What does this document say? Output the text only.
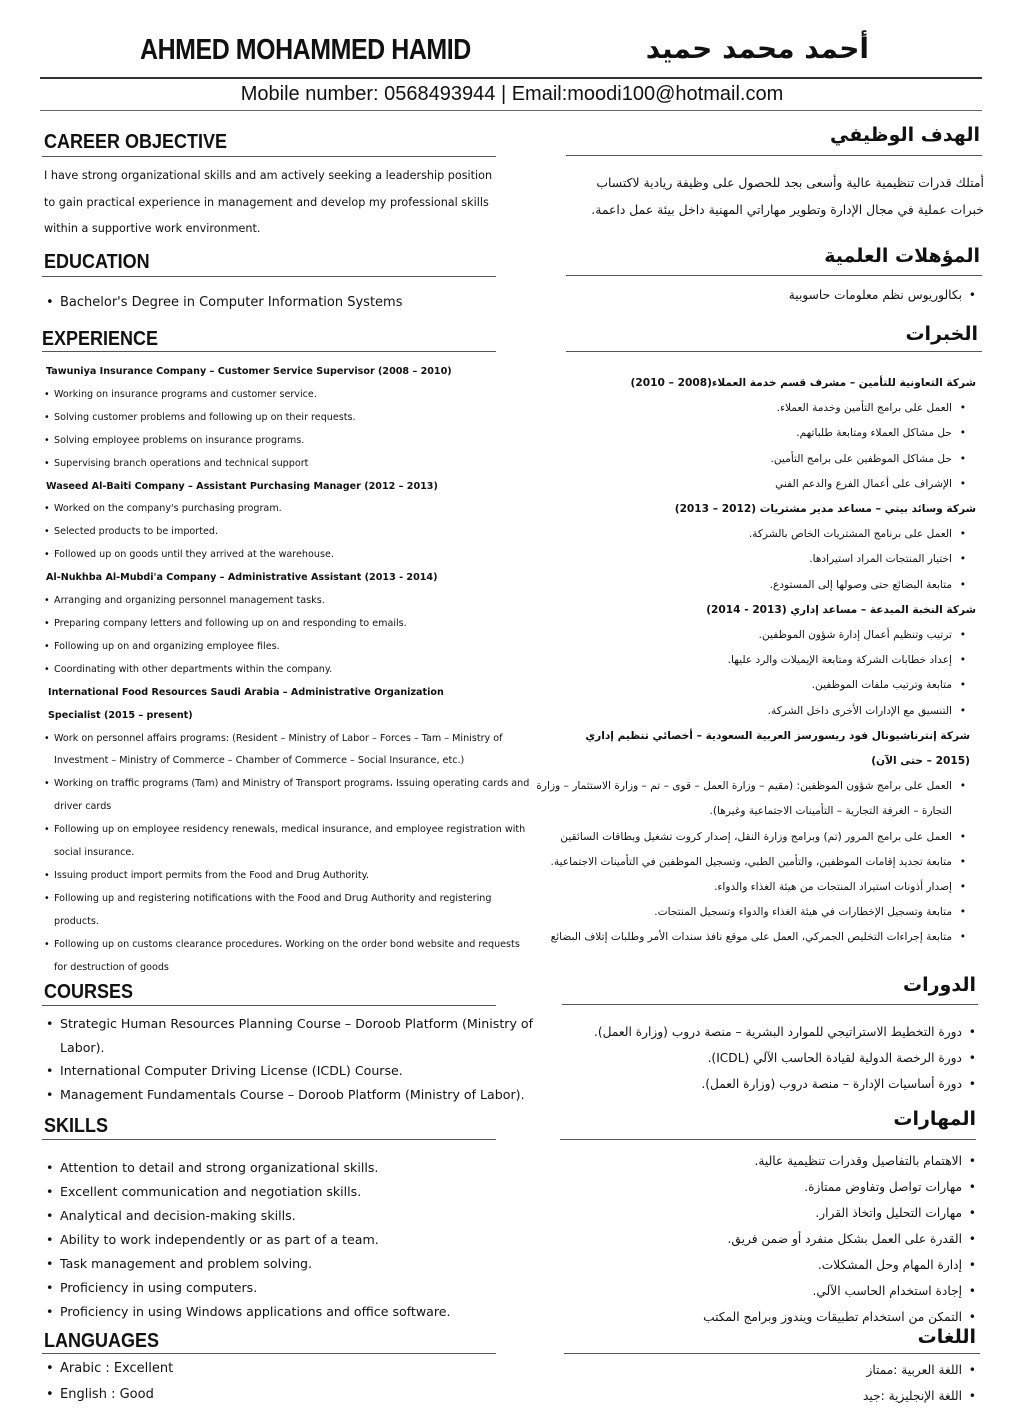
AHMED MOHAMMED HAMID	أحمد محمد حميد
Mobile number: 0568493944 | Email:moodi100@hotmail.com
CAREER OBJECTIVE
I have strong organizational skills and am actively seeking a leadership position
to gain practical experience in management and develop my professional skills
within a supportive work environment.
EDUCATION
• Bachelor's Degree in Computer Information Systems
EXPERIENCE
Tawuniya Insurance Company – Customer Service Supervisor (2008 – 2010)
• Working on insurance programs and customer service.
• Solving customer problems and following up on their requests.
• Solving employee problems on insurance programs.
• Supervising branch operations and technical support
Waseed Al-Baiti Company – Assistant Purchasing Manager (2012 – 2013)
• Worked on the company's purchasing program.
• Selected products to be imported.
• Followed up on goods until they arrived at the warehouse.
Al-Nukhba Al-Mubdi'a Company – Administrative Assistant (2013 - 2014)
• Arranging and organizing personnel management tasks.
• Preparing company letters and following up on and responding to emails.
• Following up on and organizing employee files.
• Coordinating with other departments within the company.
International Food Resources Saudi Arabia – Administrative Organization
Specialist (2015 – present)
• Work on personnel affairs programs: (Resident – Ministry of Labor – Forces – Tam – Ministry of Investment – Ministry of Commerce – Chamber of Commerce – Social Insurance, etc.)
• Working on traffic programs (Tam) and Ministry of Transport programs، Issuing operating cards and driver cards
• Following up on employee residency renewals, medical insurance, and employee registration with social insurance.
• Issuing product import permits from the Food and Drug Authority.
• Following up and registering notifications with the Food and Drug Authority and registering products.
• Following up on customs clearance procedures، Working on the order bond website and requests for destruction of goods
COURSES
• Strategic Human Resources Planning Course – Doroob Platform (Ministry of Labor).
• International Computer Driving License (ICDL) Course.
• Management Fundamentals Course – Doroob Platform (Ministry of Labor).
SKILLS
• Attention to detail and strong organizational skills.
• Excellent communication and negotiation skills.
• Analytical and decision-making skills.
• Ability to work independently or as part of a team.
• Task management and problem solving.
• Proficiency in using computers.
• Proficiency in using Windows applications and office software.
LANGUAGES
• Arabic : Excellent
• English : Good
الهدف الوظيفي
أمتلك قدرات تنظيمية عالية وأسعى بجد للحصول على وظيفة ريادية لاكتساب
خبرات عملية في مجال الإدارة وتطوير مهاراتي المهنية داخل بيئة عمل داعمة.
المؤهلات العلمية
• بكالوريوس نظم معلومات حاسوبية
الخبرات
شركة التعاونية للتأمين – مشرف قسم خدمة العملاء(2008 – 2010)
• العمل على برامج التأمين وخدمة العملاء.
• حل مشاكل العملاء ومتابعة طلباتهم.
• حل مشاكل الموظفين على برامج التأمين.
• الإشراف على أعمال الفرع والدعم الفني
شركة وسائد بيتي – مساعد مدير مشتريات (2012 – 2013)
• العمل على برنامج المشتريات الخاص بالشركة.
• اختيار المنتجات المراد استيرادها.
• متابعة البضائع حتى وصولها إلى المستودع.
شركة النخبة المبدعة – مساعد إداري (2013 - 2014)
• ترتيب وتنظيم أعمال إدارة شؤون الموظفين.
• إعداد خطابات الشركة ومتابعة الإيميلات والرد عليها.
• متابعة وترتيب ملفات الموظفين.
• التنسيق مع الإدارات الأخرى داخل الشركة.
شركة إنترناشيونال فود ريسورسز العربية السعودية – أخصائي تنظيم إداري
(2015 – حتى الآن)
• العمل على برامج شؤون الموظفين: (مقيم – وزارة العمل – قوى – تم – وزارة الاستثمار – وزارة التجارة – الغرفة التجارية – التأمينات الاجتماعية وغيرها).
• العمل على برامج المرور (تم) وبرامج وزارة النقل، إصدار كروت تشغيل وبطاقات السائقين
• متابعة تجديد إقامات الموظفين، والتأمين الطبي، وتسجيل الموظفين في التأمينات الاجتماعية.
• إصدار أذونات استيراد المنتجات من هيئة الغذاء والدواء.
• متابعة وتسجيل الإخطارات في هيئة الغذاء والدواء وتسجيل المنتجات.
• متابعة إجراءات التخليص الجمركي، العمل على موقع نافذ سندات الأمر وطلبات إتلاف البضائع
الدورات
• دورة التخطيط الاستراتيجي للموارد البشرية – منصة دروب (وزارة العمل).
• دورة الرخصة الدولية لقيادة الحاسب الآلي (ICDL).
• دورة أساسيات الإدارة – منصة دروب (وزارة العمل).
المهارات
• الاهتمام بالتفاصيل وقدرات تنظيمية عالية.
• مهارات تواصل وتفاوض ممتازة.
• مهارات التحليل واتخاذ القرار.
• القدرة على العمل بشكل منفرد أو ضمن فريق.
• إدارة المهام وحل المشكلات.
• إجادة استخدام الحاسب الآلي.
• التمكن من استخدام تطبيقات ويندوز وبرامج المكتب
اللغات
• اللغة العربية :ممتاز
• اللغة الإنجليزية :جيد
